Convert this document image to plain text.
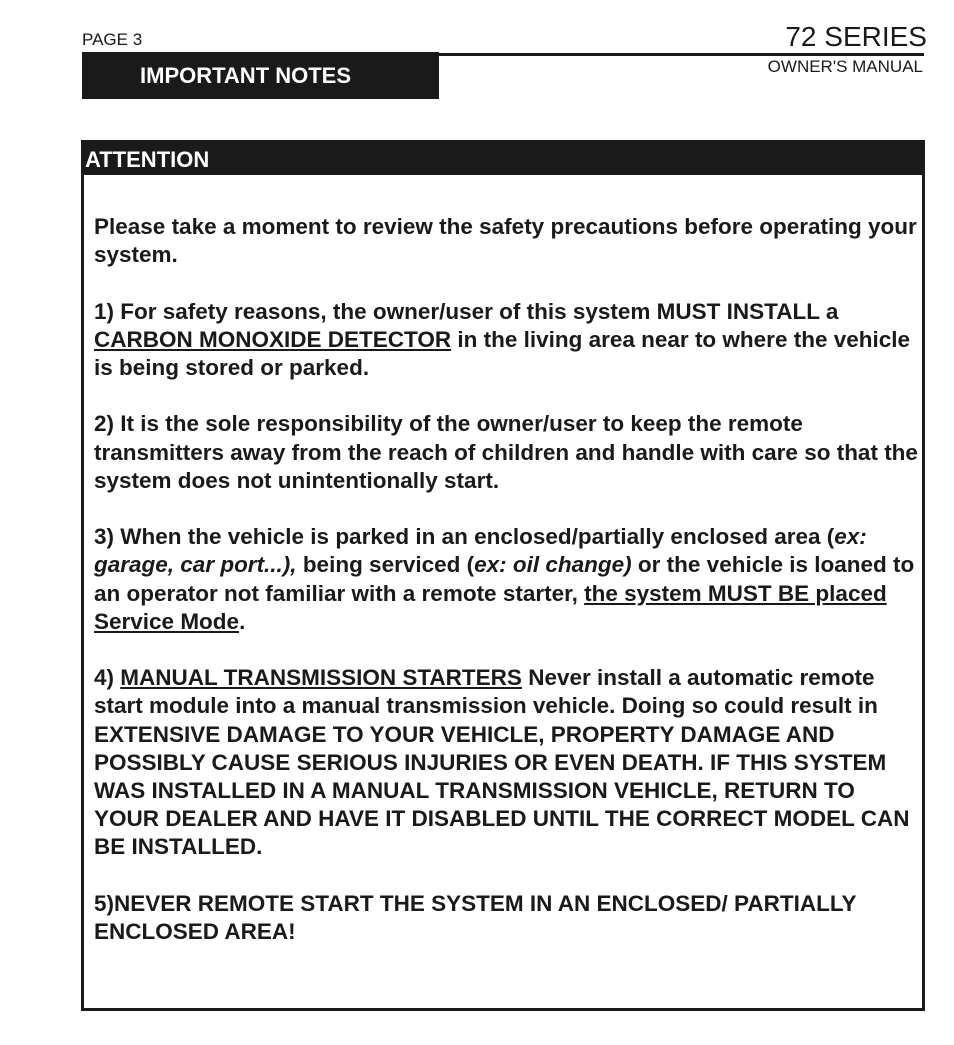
PAGE 3	72 SERIES
OWNER'S MANUAL
IMPORTANT NOTES
ATTENTION

Please take a moment to review the safety precautions before operating your system.

1) For safety reasons, the owner/user of this system MUST INSTALL a CARBON MONOXIDE DETECTOR in the living area near to where the vehicle is being stored or parked.

2) It is the sole responsibility of the owner/user to keep the remote transmitters away from the reach of children and handle with care so that the system does not unintentionally start.

3) When the vehicle is parked in an enclosed/partially enclosed area (ex: garage, car port...), being serviced (ex: oil change) or the vehicle is loaned to an operator not familiar with a remote starter, the system MUST BE placed Service Mode.

4) MANUAL TRANSMISSION STARTERS Never install a automatic remote start module into a manual transmission vehicle. Doing so could result in EXTENSIVE DAMAGE TO YOUR VEHICLE, PROPERTY DAMAGE AND POSSIBLY CAUSE SERIOUS INJURIES OR EVEN DEATH. IF THIS SYSTEM WAS INSTALLED IN A MANUAL TRANSMISSION VEHICLE, RETURN TO YOUR DEALER AND HAVE IT DISABLED UNTIL THE CORRECT MODEL CAN BE INSTALLED.

5)NEVER REMOTE START THE SYSTEM IN AN ENCLOSED/ PARTIALLY ENCLOSED AREA!
